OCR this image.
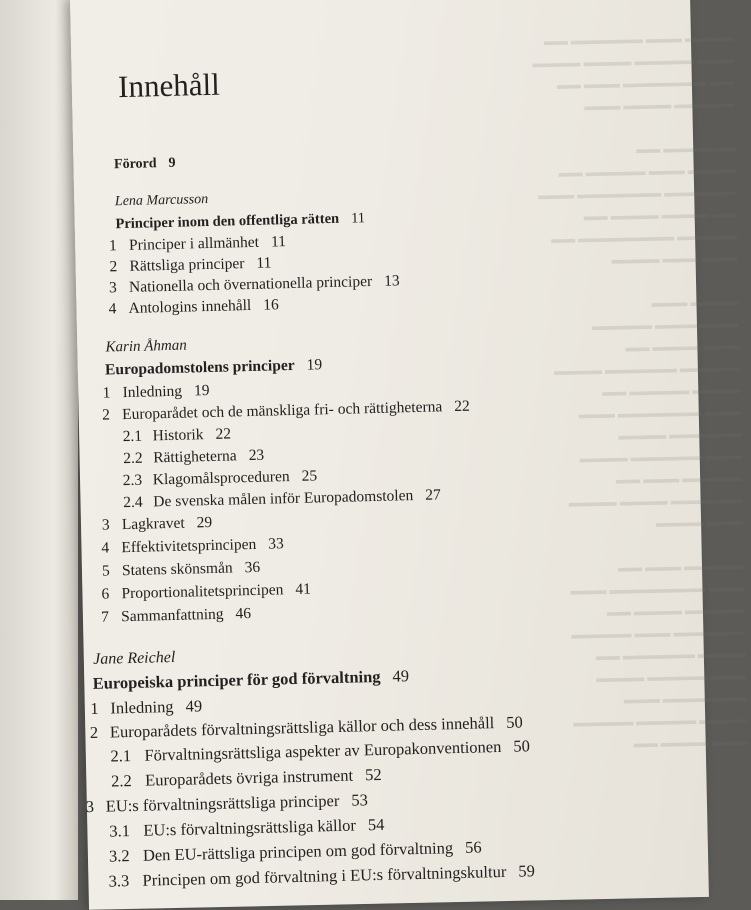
▬▬▬▬ ▬▬▬ ▬▬▬▬▬▬ ▬▬
▬▬▬ ▬▬▬▬▬ ▬▬▬▬ ▬▬▬▬
▬▬ ▬▬▬▬▬▬▬ ▬▬▬ ▬▬
▬▬▬▬▬ ▬▬▬▬ ▬▬▬

▬▬▬▬▬▬ ▬▬
▬▬▬▬ ▬▬▬ ▬▬▬▬▬ ▬▬
▬▬▬▬▬▬ ▬▬▬▬▬▬▬ ▬▬▬
▬▬ ▬▬▬▬ ▬▬▬▬ ▬▬
▬▬▬▬▬ ▬▬▬▬▬▬▬▬ ▬▬
▬▬▬ ▬▬▬ ▬▬▬▬

▬▬▬▬ ▬▬▬
▬▬▬▬▬▬▬ ▬▬▬▬▬
▬▬▬ ▬▬▬▬ ▬▬
▬▬▬▬▬ ▬▬▬▬▬▬ ▬▬▬▬
▬▬▬▬ ▬▬▬▬▬ ▬▬
▬▬▬ ▬▬▬▬▬▬▬ ▬▬▬
▬▬▬▬▬▬ ▬▬▬▬
▬▬▬ ▬▬▬▬▬▬ ▬▬▬▬
▬▬▬▬▬ ▬▬▬ ▬▬
▬▬▬▬▬▬ ▬▬▬▬ ▬▬▬▬
▬▬▬ ▬▬▬▬

▬▬▬▬▬ ▬▬▬ ▬▬
▬▬▬ ▬▬▬▬▬▬▬▬ ▬▬▬
▬▬▬▬▬ ▬▬▬▬ ▬▬
▬▬▬▬▬▬ ▬▬▬ ▬▬▬▬▬
▬▬▬▬ ▬▬▬▬▬▬ ▬▬
▬▬▬ ▬▬▬▬▬ ▬▬▬▬
▬▬▬▬▬▬▬ ▬▬▬
▬▬▬▬ ▬▬▬▬▬ ▬▬▬▬▬
▬▬▬ ▬▬▬▬ ▬▬
Innehåll
Förord 9
Lena Marcusson
Principer inom den offentliga rätten 11
1 Principer i allmänhet 11
2 Rättsliga principer 11
3 Nationella och övernationella principer 13
4 Antologins innehåll 16
Karin Åhman
Europadomstolens principer 19
1 Inledning 19
2 Europarådet och de mänskliga fri- och rättigheterna 22
2.1 Historik 22
2.2 Rättigheterna 23
2.3 Klagomålsproceduren 25
2.4 De svenska målen inför Europadomstolen 27
3 Lagkravet 29
4 Effektivitetsprincipen 33
5 Statens skönsmån 36
6 Proportionalitetsprincipen 41
7 Sammanfattning 46
Jane Reichel
Europeiska principer för god förvaltning 49
1 Inledning 49
2 Europarådets förvaltningsrättsliga källor och dess innehåll 50
2.1 Förvaltningsrättsliga aspekter av Europakonventionen 50
2.2 Europarådets övriga instrument 52
3 EU:s förvaltningsrättsliga principer 53
3.1 EU:s förvaltningsrättsliga källor 54
3.2 Den EU-rättsliga principen om god förvaltning 56
3.3 Principen om god förvaltning i EU:s förvaltningskultur 59
